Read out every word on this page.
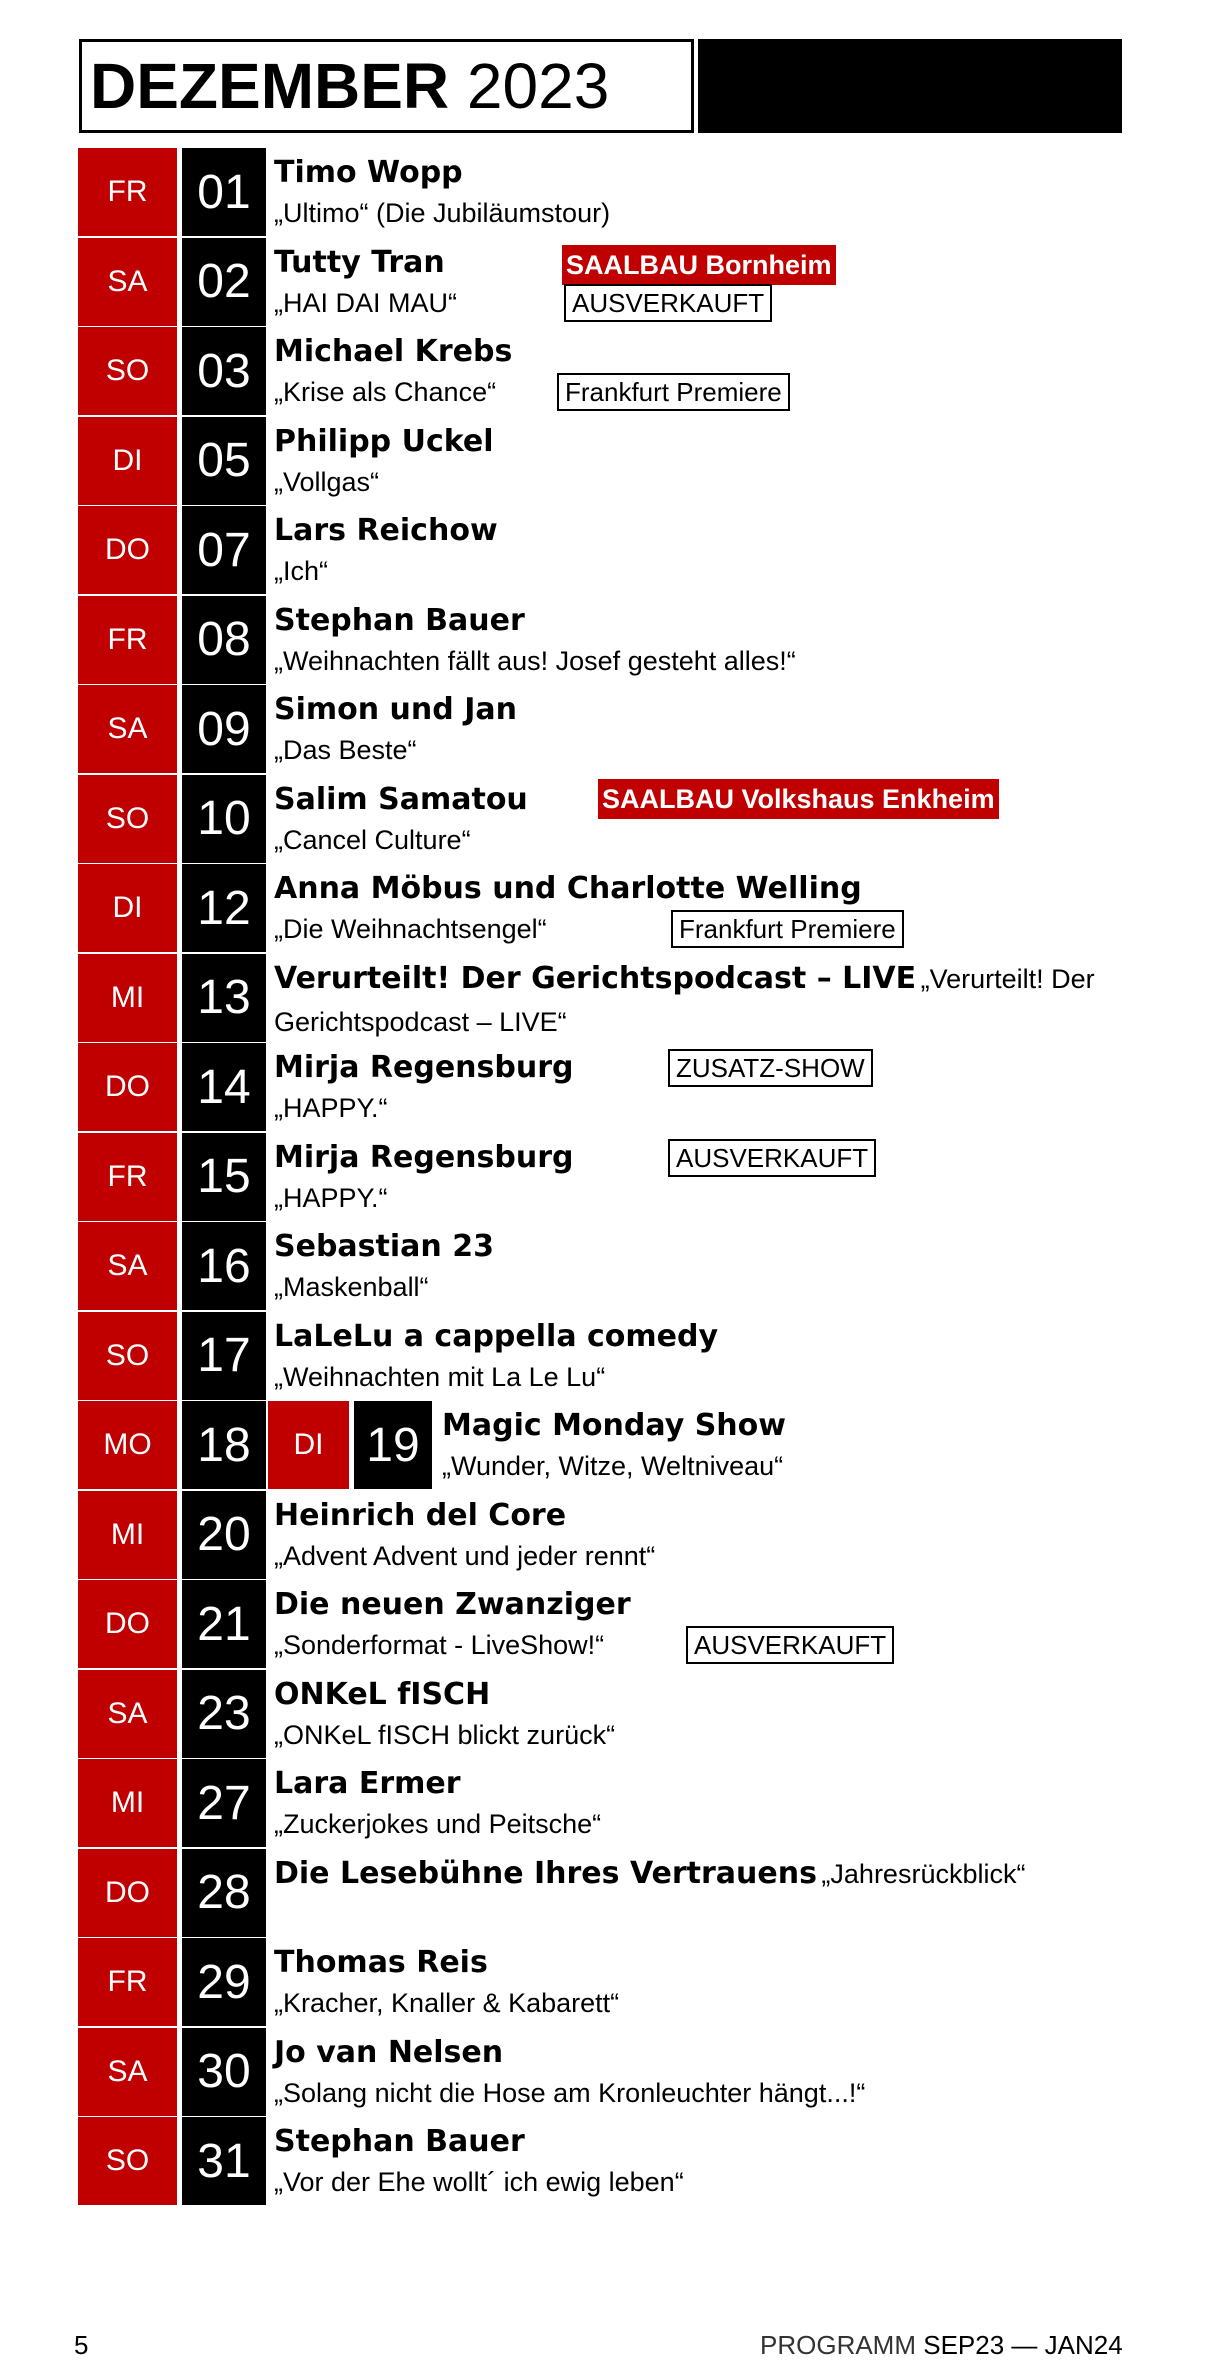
DEZEMBER 2023
FR	01 Timo Wopp
„Ultimo“ (Die Jubiläumstour)
SA	02 Tutty Tran
„HAI DAI MAU“
SAALBAU Bornheim
AUSVERKAUFT
SO	03 Michael Krebs
„Krise als Chance“	Frankfurt Premiere
DI	05 Philipp Uckel
„Vollgas“
DO 07 Lars Reichow
„Ich“
FR	08 Stephan Bauer
„Weihnachten fällt aus! Josef gesteht alles!“
SA	09 Simon und Jan
„Das Beste“
SO	10 Salim Samatou
„Cancel Culture“
SAALBAU Volkshaus Enkheim
DI	12 Anna Möbus und Charlotte Welling
„Die Weihnachtsengel“	Frankfurt Premiere
MI	13 Verurteilt! Der Gerichtspodcast – LIVE „Verurteilt! Der Gerichtspodcast – LIVE“
DO 14 Mirja Regensburg
„HAPPY.“
ZUSATZ-SHOW
FR	15 Mirja Regensburg
„HAPPY.“
AUSVERKAUFT
SA	16 Sebastian 23
„Maskenball“
SO	17 LaLeLu a cappella comedy
„Weihnachten mit La Le Lu“
MO 18	DI 19 Magic Monday Show
„Wunder, Witze, Weltniveau“
MI	20 Heinrich del Core
„Advent Advent und jeder rennt“
DO 21 Die neuen Zwanziger
„Sonderformat - LiveShow!“	AUSVERKAUFT
SA	23 ONKeL fISCH
„ONKeL fISCH blickt zurück“
MI	27 Lara Ermer
„Zuckerjokes und Peitsche“
DO 28 Die Lesebühne Ihres Vertrauens „Jahresrückblick“
FR	29 Thomas Reis
„Kracher, Knaller & Kabarett“
SA	30 Jo van Nelsen
„Solang nicht die Hose am Kronleuchter hängt...!“
SO	31 Stephan Bauer
„Vor der Ehe wollt´ ich ewig leben“
5	PROGRAMM SEP23 — JAN24
